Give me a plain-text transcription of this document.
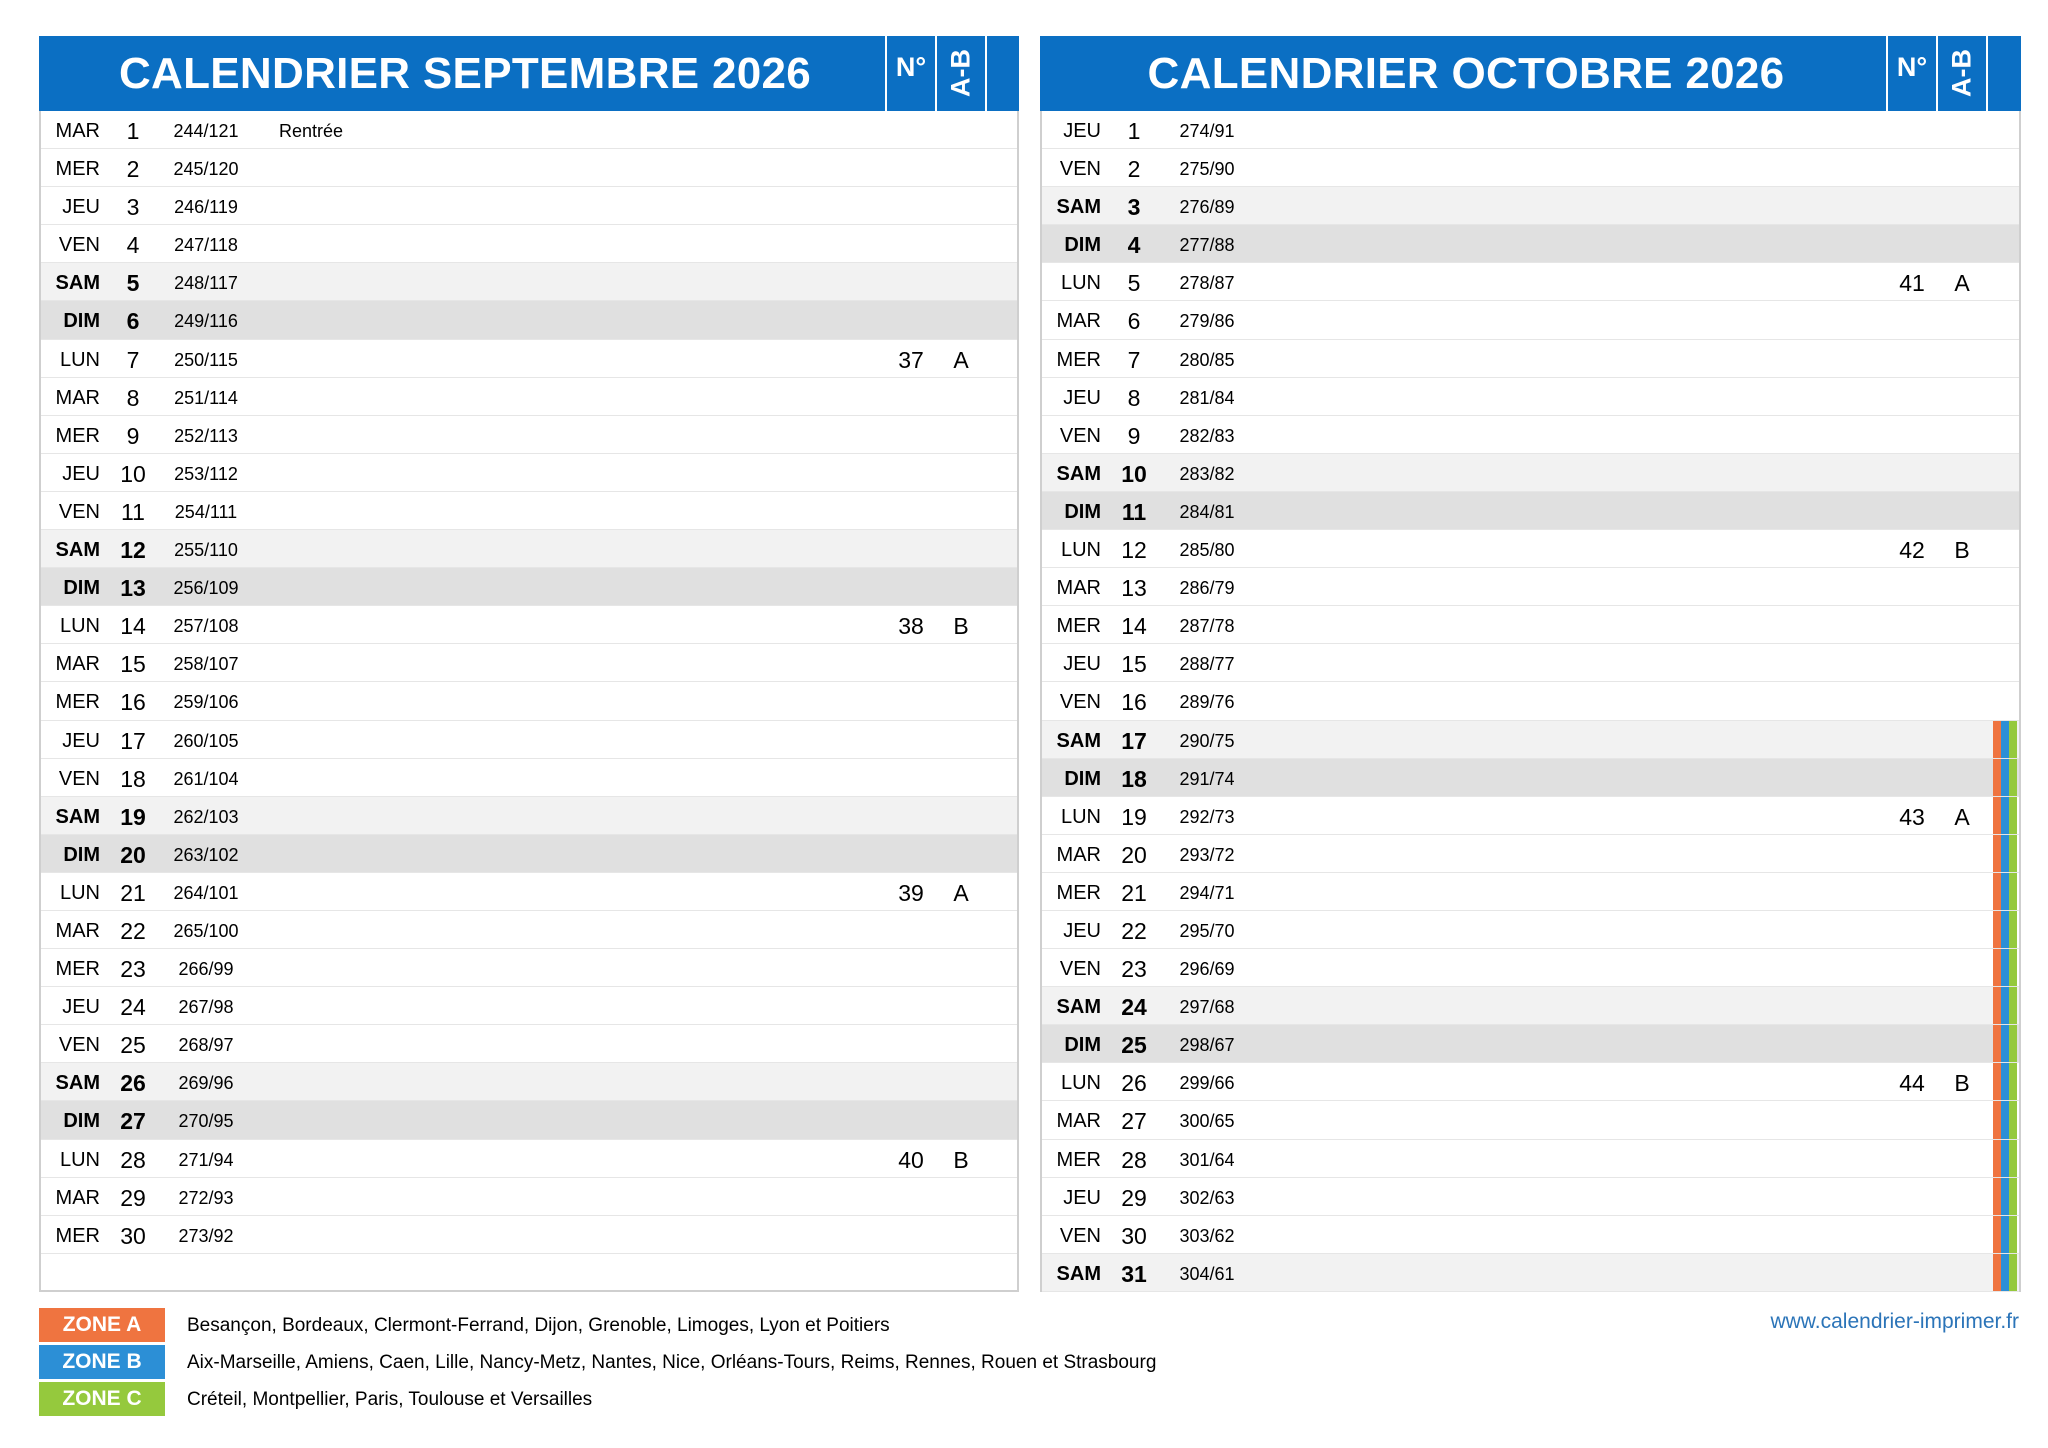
CALENDRIER SEPTEMBRE 2026	N° A-B
MAR	1	244/121	Rentrée
MER	2	245/120
JEU	3	246/119
VEN	4	247/118
SAM	5	248/117
DIM	6	249/116
LUN	7	250/115	37	A
MAR	8	251/114
MER	9	252/113
JEU 10	253/112
VEN 11	254/111
SAM 12	255/110
DIM 13	256/109
LUN 14	257/108	38	B
MAR 15	258/107
MER 16	259/106
JEU 17	260/105
VEN 18	261/104
SAM 19	262/103
DIM 20	263/102
LUN 21	264/101	39	A
MAR 22	265/100
MER 23	266/99
JEU 24	267/98
VEN 25	268/97
SAM 26	269/96
DIM 27	270/95
LUN 28	271/94	40	B
MAR 29	272/93
MER 30	273/92
CALENDRIER OCTOBRE 2026	N° A-B
JEU	1	274/91
VEN	2	275/90
SAM	3	276/89
DIM	4	277/88
LUN	5	278/87	41	A
MAR	6	279/86
MER	7	280/85
JEU	8	281/84
VEN	9	282/83
SAM 10	283/82
DIM 11	284/81
LUN 12	285/80	42	B
MAR 13	286/79
MER 14	287/78
JEU 15	288/77
VEN 16	289/76
SAM 17	290/75
DIM 18	291/74
LUN 19	292/73	43	A
MAR 20	293/72
MER 21	294/71
JEU 22	295/70
VEN 23	296/69
SAM 24	297/68
DIM 25	298/67
LUN 26	299/66	44	B
MAR 27	300/65
MER 28	301/64
JEU 29	302/63
VEN 30	303/62
SAM 31	304/61
ZONE A	Besançon, Bordeaux, Clermont-Ferrand, Dijon, Grenoble, Limoges, Lyon et Poitiers
ZONE B	Aix-Marseille, Amiens, Caen, Lille, Nancy-Metz, Nantes, Nice, Orléans-Tours, Reims, Rennes, Rouen et Strasbourg
ZONE C	Créteil, Montpellier, Paris, Toulouse et Versailles
www.calendrier-imprimer.fr
